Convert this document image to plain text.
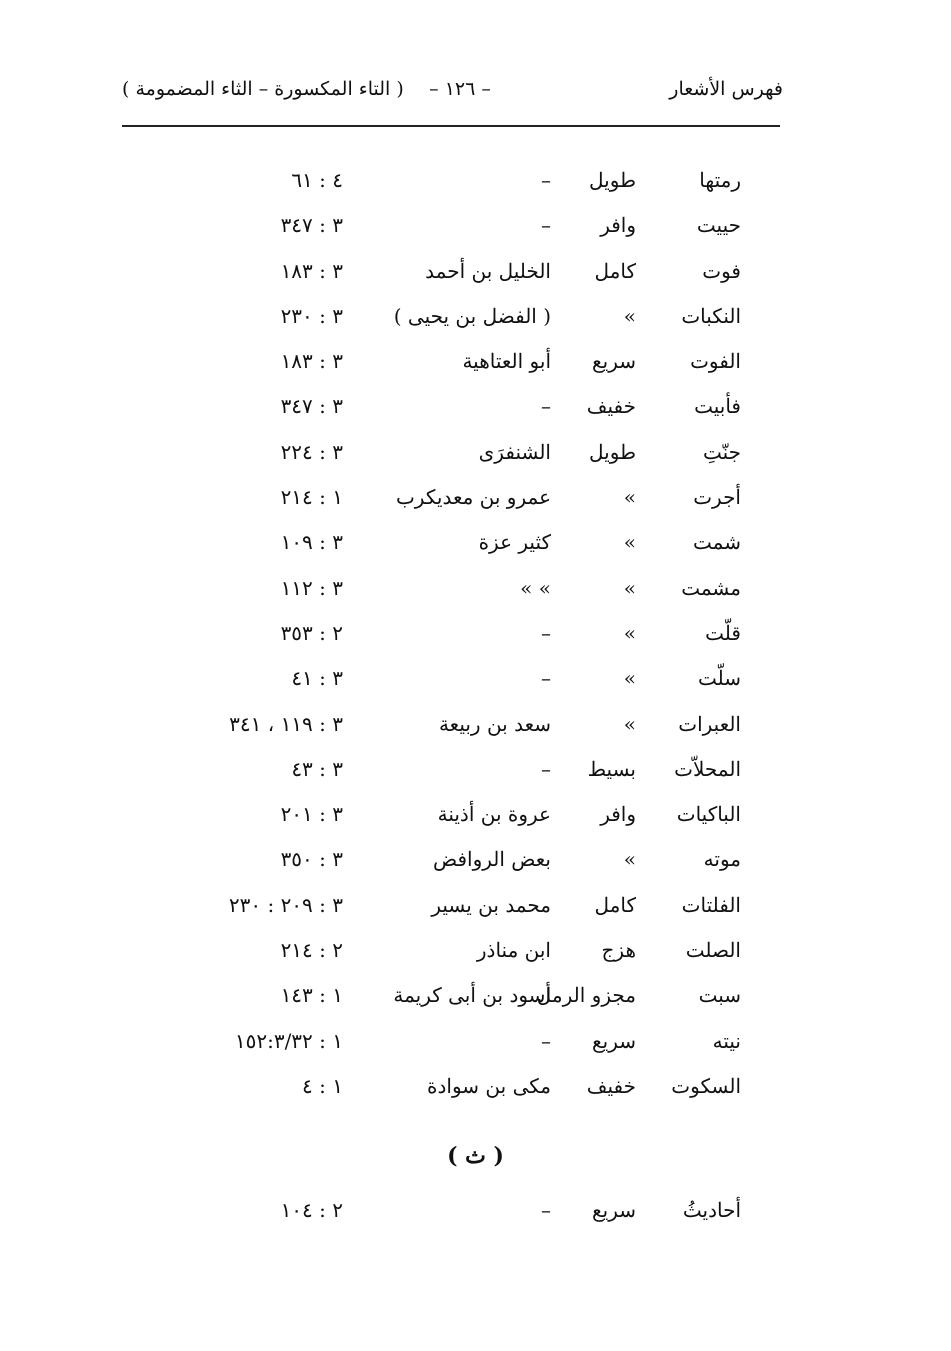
فهرس الأشعار
– ١٢٦ –
( التاء المكسورة – الثاء المضمومة )
رمتها
طويل
–
٤ : ٦١
حييت
وافر
–
٣ : ٣٤٧
فوت
كامل
الخليل بن أحمد
٣ : ١٨٣
النكبات
»
( الفضل بن يحيى )
٣ : ٢٣٠
الفوت
سريع
أبو العتاهية
٣ : ١٨٣
فأبيت
خفيف
–
٣ : ٣٤٧
جنّتِ
طويل
الشنفرَى
٣ : ٢٢٤
أجرت
»
عمرو بن معديكرب
١ : ٢١٤
شمت
»
كثير عزة
٣ : ١٠٩
مشمت
»
» »
٣ : ١١٢
قلّت
»
–
٢ : ٣٥٣
سلّت
»
–
٣ : ٤١
العبرات
»
سعد بن ربيعة
٣ : ١١٩ ، ٣٤١
المحلاّت
بسيط
–
٣ : ٤٣
الباكيات
وافر
عروة بن أذينة
٣ : ٢٠١
موته
»
بعض الروافض
٣ : ٣٥٠
الفلتات
كامل
محمد بن يسير
٣ : ٢٠٩ : ٢٣٠
الصلت
هزج
ابن مناذر
٢ : ٢١٤
سبت
مجزو الرمل
أسود بن أبى كريمة
١ : ١٤٣
نيته
سريع
–
١ : ١٥٢:٣/٣٢
السكوت
خفيف
مكى بن سوادة
١ : ٤
( ث )
أحاديثُ
سريع
–
٢ : ١٠٤
